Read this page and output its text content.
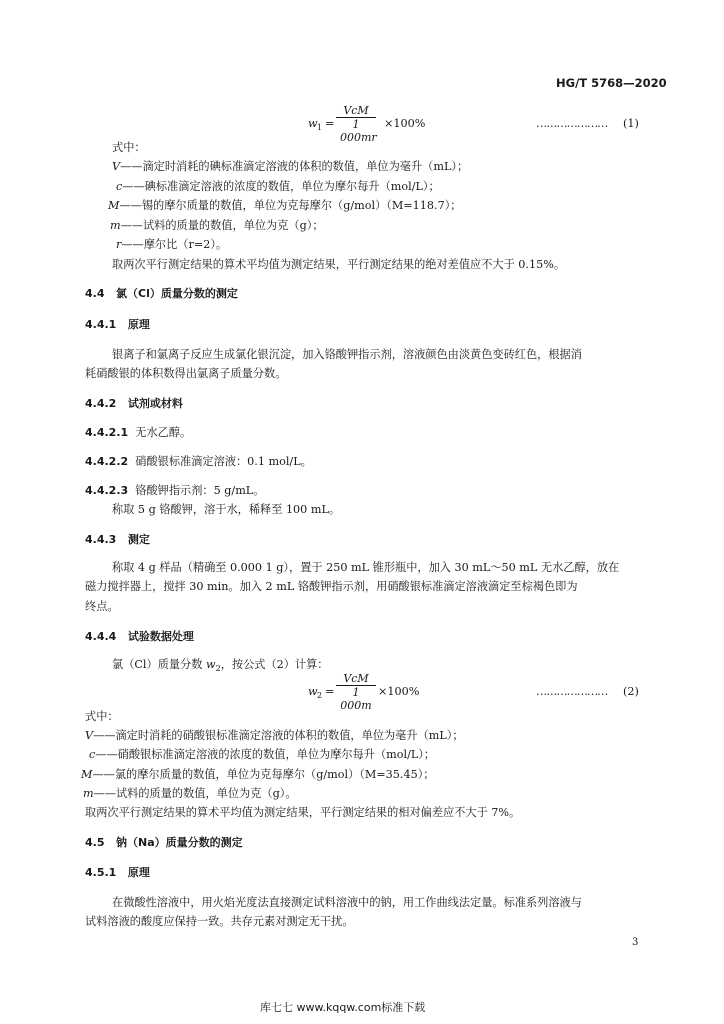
HG/T 5768—2020
w 1 =
VcM
1 000mr
×100%	………………… (1)
式中：
V——滴定时消耗的碘标准滴定溶液的体积的数值，单位为毫升（mL）；
c——碘标准滴定溶液的浓度的数值，单位为摩尔每升（mol/L）；
M——锡的摩尔质量的数值，单位为克每摩尔（g/mol）（M=118.7）；
m——试料的质量的数值，单位为克（g）；
r——摩尔比（r=2）。
取两次平行测定结果的算术平均值为测定结果，平行测定结果的绝对差值应不大于 0.15%。
4.4 氯（Cl）质量分数的测定
4.4.1 原理
银离子和氯离子反应生成氯化银沉淀，加入铬酸钾指示剂，溶液颜色由淡黄色变砖红色，根据消
耗硝酸银的体积数得出氯离子质量分数。
4.4.2 试剂或材料
4.4.2.1 无水乙醇。
4.4.2.2 硝酸银标准滴定溶液：0.1 mol/L。
4.4.2.3 铬酸钾指示剂：5 g/mL。
称取 5 g 铬酸钾，溶于水，稀释至 100 mL。
4.4.3 测定
称取 4 g 样品（精确至 0.000 1 g），置于 250 mL 锥形瓶中，加入 30 mL～50 mL 无水乙醇，放在
磁力搅拌器上，搅拌 30 min。加入 2 mL 铬酸钾指示剂，用硝酸银标准滴定溶液滴定至棕褐色即为
终点。
4.4.4 试验数据处理
氯（Cl）质量分数 $w_2$，按公式（2）计算：
w 2 =
VcM
1 000m
×100%	………………… (2)
式中：
V——滴定时消耗的硝酸银标准滴定溶液的体积的数值，单位为毫升（mL）；
c——硝酸银标准滴定溶液的浓度的数值，单位为摩尔每升（mol/L）；
M——氯的摩尔质量的数值，单位为克每摩尔（g/mol）（M=35.45）；
m——试料的质量的数值，单位为克（g）。
取两次平行测定结果的算术平均值为测定结果，平行测定结果的相对偏差应不大于 7%。
4.5 钠（Na）质量分数的测定
4.5.1 原理
在微酸性溶液中，用火焰光度法直接测定试料溶液中的钠，用工作曲线法定量。标准系列溶液与
试料溶液的酸度应保持一致。共存元素对测定无干扰。
3
库七七 www.kqqw.com标准下载
